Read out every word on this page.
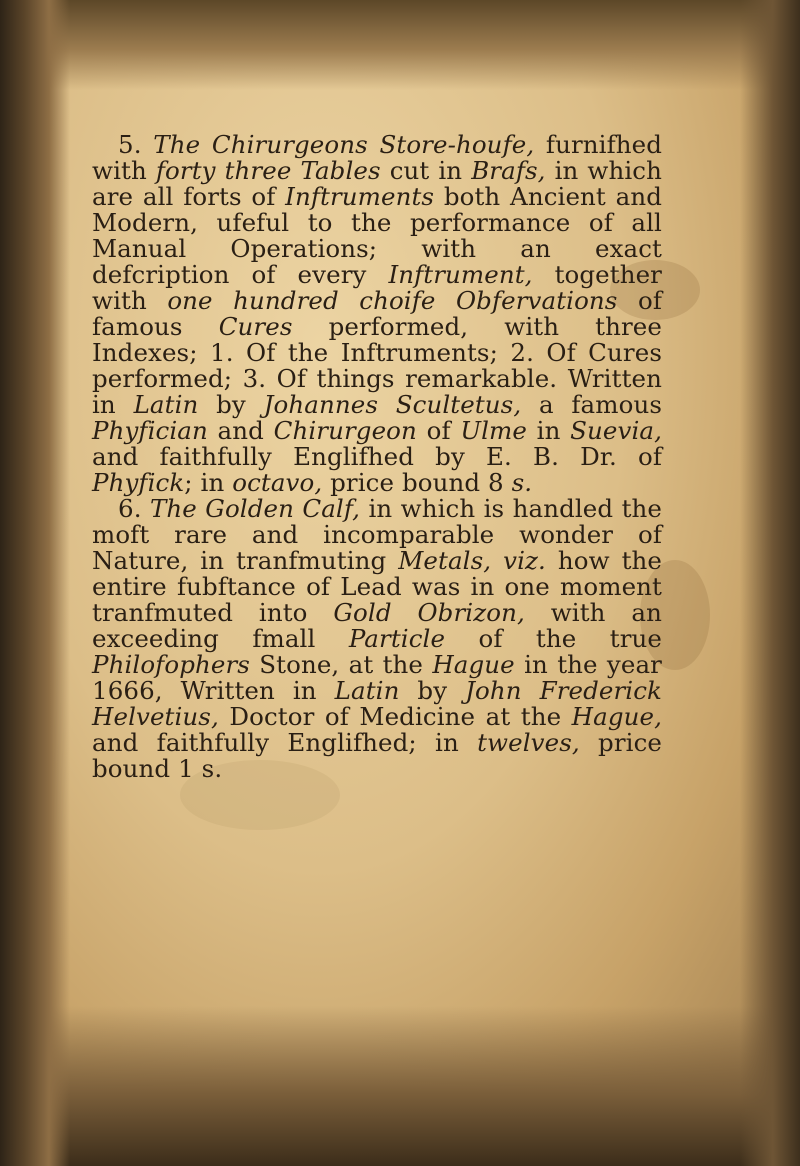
5. The Chirurgeons Store-houfe, furnifhed with forty three Tables cut in Brafs, in which are all forts of Inftruments both Ancient and Modern, ufeful to the performance of all Manual Operations; with an exact defcription of every Inftrument, together with one hundred choife Obfervations of famous Cures performed, with three Indexes; 1. Of the Inftruments; 2. Of Cures performed; 3. Of things remarkable. Written in Latin by Johannes Scultetus, a famous Phyfician and Chirurgeon of Ulme in Suevia, and faithfully Englifhed by E. B. Dr. of Phyfick; in octavo, price bound 8 s.

6. The Golden Calf, in which is handled the moft rare and incomparable wonder of Nature, in tranfmuting Metals, viz. how the entire fubftance of Lead was in one moment tranfmuted into Gold Obrizon, with an exceeding fmall Particle of the true Philofophers Stone, at the Hague in the year 1666, Written in Latin by John Frederick Helvetius, Doctor of Medicine at the Hague, and faithfully Englifhed; in twelves, price bound 1 s.
